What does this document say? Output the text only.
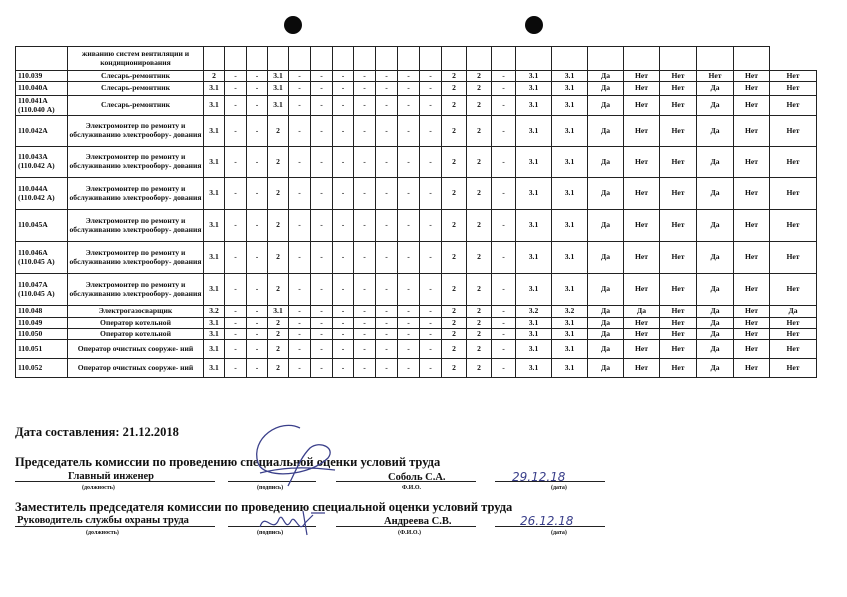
	живанию систем вентиляции и кондиционирования																						
110.039	Слесарь-ремонтник	2	-	-	3.1	-	-	-	-	-	-	-	2	2	-	3.1	3.1	Да	Нет	Нет	Нет	Нет	Нет
110.040А	Слесарь-ремонтник	3.1	-	-	3.1	-	-	-	-	-	-	-	2	2	-	3.1	3.1	Да	Нет	Нет	Да	Нет	Нет
110.041А (110.040 А)	Слесарь-ремонтник	3.1	-	-	3.1	-	-	-	-	-	-	-	2	2	-	3.1	3.1	Да	Нет	Нет	Да	Нет	Нет
110.042А	Электромонтер по ремонту и обслуживанию электрообору- дования	3.1	-	-	2	-	-	-	-	-	-	-	2	2	-	3.1	3.1	Да	Нет	Нет	Да	Нет	Нет
110.043А (110.042 А)	Электромонтер по ремонту и обслуживанию электрообору- дования	3.1	-	-	2	-	-	-	-	-	-	-	2	2	-	3.1	3.1	Да	Нет	Нет	Да	Нет	Нет
110.044А (110.042 А)	Электромонтер по ремонту и обслуживанию электрообору- дования	3.1	-	-	2	-	-	-	-	-	-	-	2	2	-	3.1	3.1	Да	Нет	Нет	Да	Нет	Нет
110.045А	Электромонтер по ремонту и обслуживанию электрообору- дования	3.1	-	-	2	-	-	-	-	-	-	-	2	2	-	3.1	3.1	Да	Нет	Нет	Да	Нет	Нет
110.046А (110.045 А)	Электромонтер по ремонту и обслуживанию электрообору- дования	3.1	-	-	2	-	-	-	-	-	-	-	2	2	-	3.1	3.1	Да	Нет	Нет	Да	Нет	Нет
110.047А (110.045 А)	Электромонтер по ремонту и обслуживанию электрообору- дования	3.1	-	-	2	-	-	-	-	-	-	-	2	2	-	3.1	3.1	Да	Нет	Нет	Да	Нет	Нет
110.048	Электрогазосварщик	3.2	-	-	3.1	-	-	-	-	-	-	-	2	2	-	3.2	3.2	Да	Да	Нет	Да	Нет	Да
110.049	Оператор котельной	3.1	-	-	2	-	-	-	-	-	-	-	2	2	-	3.1	3.1	Да	Нет	Нет	Да	Нет	Нет
110.050	Оператор котельной	3.1	-	-	2	-	-	-	-	-	-	-	2	2	-	3.1	3.1	Да	Нет	Нет	Да	Нет	Нет
110.051	Оператор очистных сооруже- ний	3.1	-	-	2	-	-	-	-	-	-	-	2	2	-	3.1	3.1	Да	Нет	Нет	Да	Нет	Нет
110.052	Оператор очистных сооруже- ний	3.1	-	-	2	-	-	-	-	-	-	-	2	2	-	3.1	3.1	Да	Нет	Нет	Да	Нет	Нет
Дата составления: 21.12.2018
Председатель комиссии по проведению специальной оценки условий труда
Главный инженер
(должность)	(подпись)
Соболь С.А.
Ф.И.О.
29.12.18
(дата)
Заместитель председателя комиссии по проведению специальной оценки условий труда
Руководитель службы охраны труда
(должность)	(подпись)
Андреева С.В.
(Ф.И.О.)
26.12.18
(дата)
